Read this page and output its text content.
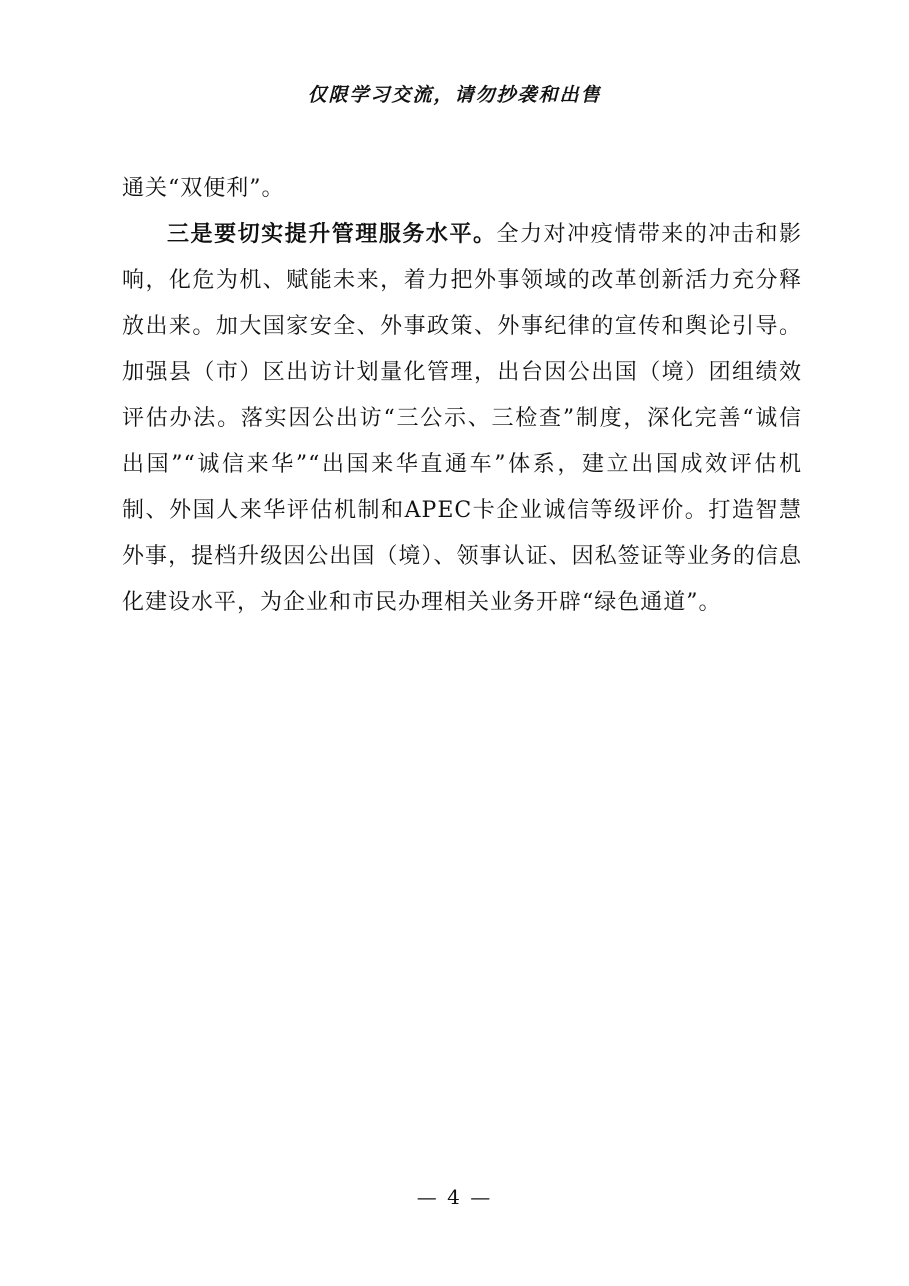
仅限学习交流，请勿抄袭和出售

通关“双便利”。

三是要切实提升管理服务水平。全力对冲疫情带来的冲击和影响，化危为机、赋能未来，着力把外事领域的改革创新活力充分释放出来。加大国家安全、外事政策、外事纪律的宣传和舆论引导。加强县（市）区出访计划量化管理，出台因公出国（境）团组绩效评估办法。落实因公出访“三公示、三检查”制度，深化完善“诚信出国”“诚信来华”“出国来华直通车”体系，建立出国成效评估机制、外国人来华评估机制和APEC卡企业诚信等级评价。打造智慧外事，提档升级因公出国（境）、领事认证、因私签证等业务的信息化建设水平，为企业和市民办理相关业务开辟“绿色通道”。

— 4 —
